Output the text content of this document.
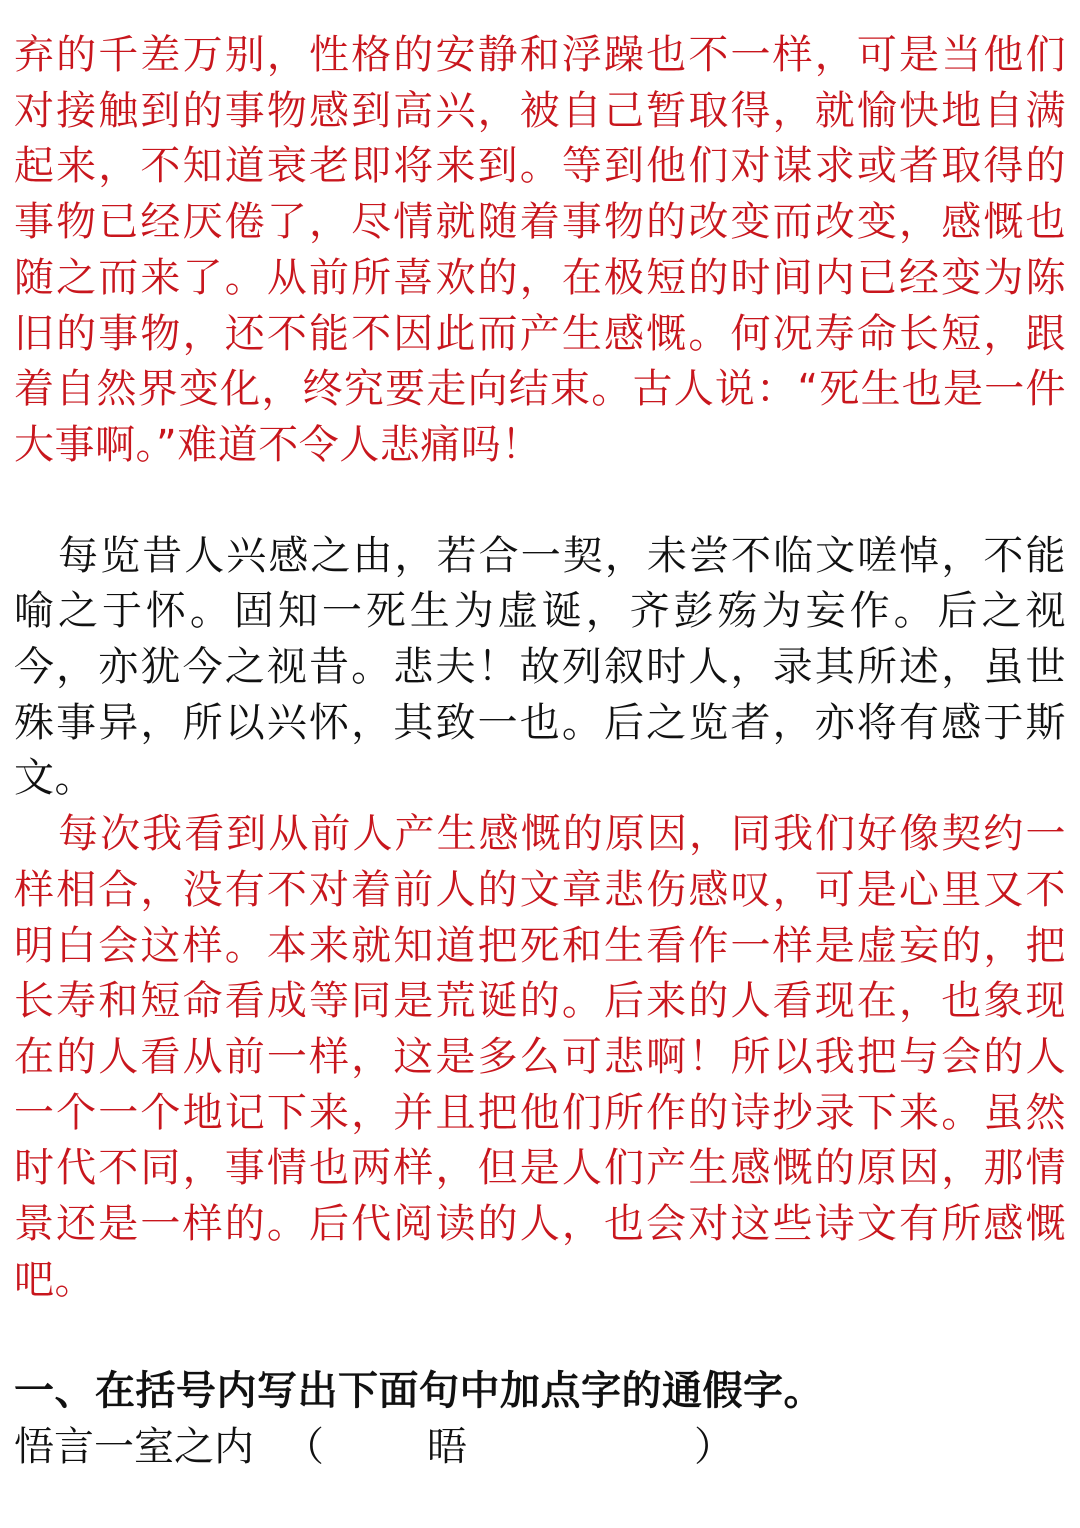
弃的千差万别，性格的安静和浮躁也不一样，可是当他们对接触到的事物感到高兴，被自己暂取得，就愉快地自满起来，不知道衰老即将来到。等到他们对谋求或者取得的事物已经厌倦了，尽情就随着事物的改变而改变，感慨也随之而来了。从前所喜欢的，在极短的时间内已经变为陈旧的事物，还不能不因此而产生感慨。何况寿命长短，跟着自然界变化，终究要走向结束。古人说：“死生也是一件大事啊。”难道不令人悲痛吗！

每览昔人兴感之由，若合一契，未尝不临文嗟悼，不能喻之于怀。固知一死生为虚诞，齐彭殇为妄作。后之视今，亦犹今之视昔。悲夫！故列叙时人，录其所述，虽世殊事异，所以兴怀，其致一也。后之览者，亦将有感于斯文。

每次我看到从前人产生感慨的原因，同我们好像契约一样相合，没有不对着前人的文章悲伤感叹，可是心里又不明白会这样。本来就知道把死和生看作一样是虚妄的，把长寿和短命看成等同是荒诞的。后来的人看现在，也象现在的人看从前一样，这是多么可悲啊！所以我把与会的人一个一个地记下来，并且把他们所作的诗抄录下来。虽然时代不同，事情也两样，但是人们产生感慨的原因，那情景还是一样的。后代阅读的人，也会对这些诗文有所感慨吧。

一、在括号内写出下面句中加点字的通假字。

悟言一室之内 （	晤	）
